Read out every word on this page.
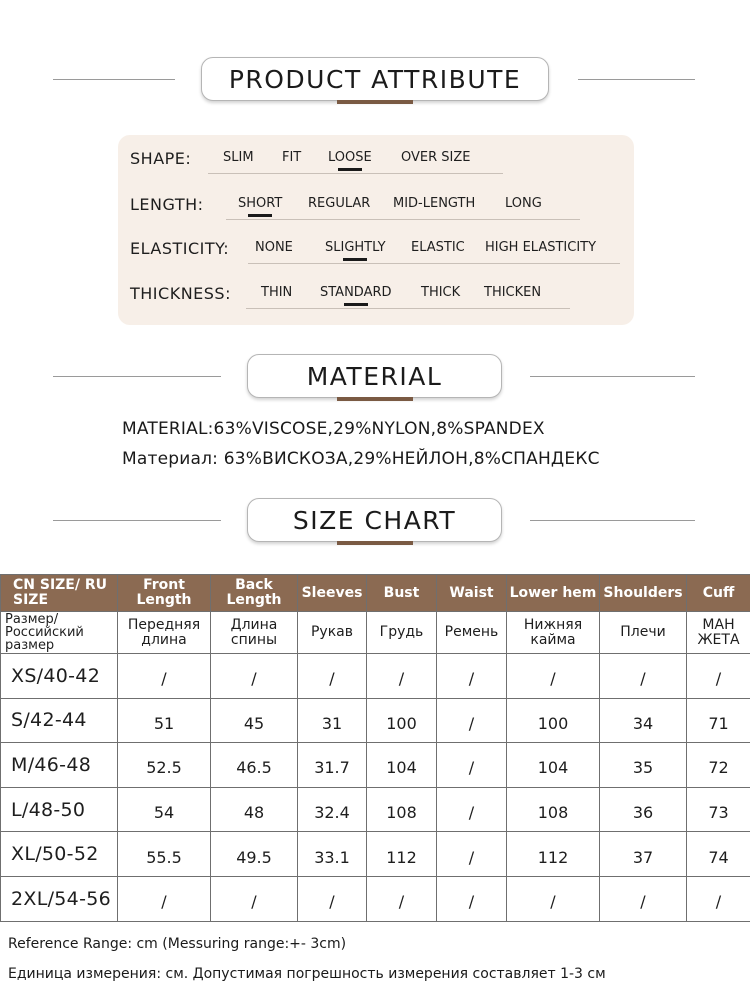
PRODUCT ATTRIBUTE
SHAPE: SLIM FIT LOOSE OVER SIZE
LENGTH:	SHORT REGULAR MID-LENGTH LONG
ELASTICITY: NONE SLIGHTLY ELASTIC HIGH ELASTICITY
THICKNESS: THIN STANDARD THICK THICKEN
MATERIAL
MATERIAL:63%VISCOSE,29%NYLON,8%SPANDEX
Материал: 63%ВИСКОЗА,29%НЕЙЛОН,8%СПАНДЕКС
SIZE CHART
CN SIZE/ RU SIZE	Front Length	Back Length	Sleeves	Bust	Waist	Lower hem	Shoulders	Cuff
Размер/ Российский размер	Передняя длина	Длина спины	Рукав	Грудь	Ремень	Нижняя кайма	Плечи	МАН ЖЕТА
XS/40-42	/	/	/	/	/	/	/	/
S/42-44	51	45	31	100	/	100	34	71
M/46-48	52.5	46.5	31.7	104	/	104	35	72
L/48-50	54	48	32.4	108	/	108	36	73
XL/50-52	55.5	49.5	33.1	112	/	112	37	74
2XL/54-56	/	/	/	/	/	/	/	/
Reference Range: cm (Messuring range:+- 3cm)
Единица измерения: см. Допустимая погрешность измерения составляет 1-3 см
